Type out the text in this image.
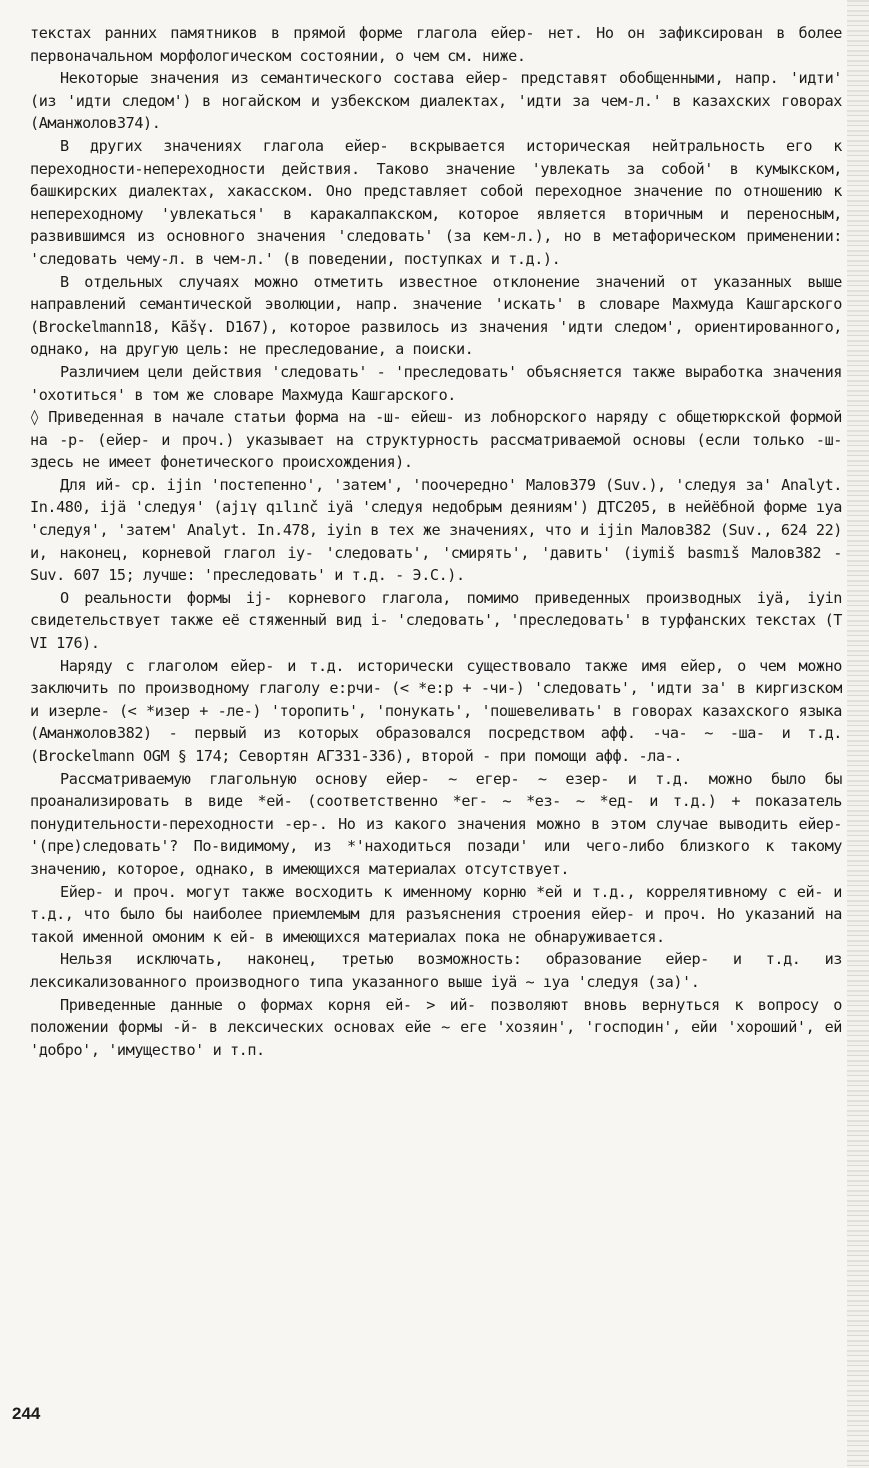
текстах ранних памятников в прямой форме глагола ейер- нет. Но он зафиксирован в более первоначальном морфологическом состоянии, о чем см. ниже.

Некоторые значения из семантического состава ейер- представят обобщенными, напр. 'идти' (из 'идти следом') в ногайском и узбекском диалектах, 'идти за чем-л.' в казахских говорах (Аманжолов374).

В других значениях глагола ейер- вскрывается историческая нейтральность его к переходности-непереходности действия. Таково значение 'увлекать за собой' в кумыкском, башкирских диалектах, хакасском. Оно представляет собой переходное значение по отношению к непереходному 'увлекаться' в каракалпакском, которое является вторичным и переносным, развившимся из основного значения 'следовать' (за кем-л.), но в метафорическом применении: 'следовать чему-л. в чем-л.' (в поведении, поступках и т.д.).

В отдельных случаях можно отметить известное отклонение значений от указанных выше направлений семантической эволюции, напр. значение 'искать' в словаре Махмуда Кашгарского (Brockelmann18, Kāšγ. D167), которое развилось из значения 'идти следом', ориентированного, однако, на другую цель: не преследование, а поиски.

Различием цели действия 'следовать' - 'преследовать' объясняется также выработка значения 'охотиться' в том же словаре Махмуда Кашгарского.

◊ Приведенная в начале статьи форма на -ш- ейеш- из лобнорского наряду с общетюркской формой на -р- (ейер- и проч.) указывает на структурность рассматриваемой основы (если только -ш- здесь не имеет фонетического происхождения).

Для ий- ср. ijin 'постепенно', 'затем', 'поочередно' Малов379 (Suv.), 'следуя за' Analyt. In.480, ijä 'следуя' (ajıγ qılınč iyä 'следуя недобрым деяниям') ДТС205, в нейёбной форме ıya 'следуя', 'затем' Analyt. In.478, iyin в тех же значениях, что и ijin Малов382 (Suv., 624 22) и, наконец, корневой глагол iy- 'следовать', 'смирять', 'давить' (iymiš basmıš Малов382 - Suv. 607 15; лучше: 'преследовать' и т.д. - Э.С.).

О реальности формы ij- корневого глагола, помимо приведенных производных iyä, iyin свидетельствует также её стяженный вид i- 'следовать', 'преследовать' в турфанских текстах (T VI 176).

Наряду с глаголом ейер- и т.д. исторически существовало также имя ейер, о чем можно заключить по производному глаголу е:рчи- (< *е:р + -чи-) 'следовать', 'идти за' в киргизском и изерле- (< *изер + -ле-) 'торопить', 'понукать', 'пошевеливать' в говорах казахского языка (Аманжолов382) - первый из которых образовался посредством афф. -ча- ~ -ша- и т.д. (Brockelmann OGM § 174; Севортян АГ331-336), второй - при помощи афф. -ла-.

Рассматриваемую глагольную основу ейер- ~ егер- ~ езер- и т.д. можно было бы проанализировать в виде *ей- (соответственно *ег- ~ *ез- ~ *ед- и т.д.) + показатель понудительности-переходности -ер-. Но из какого значения можно в этом случае выводить ейер- '(пре)следовать'? По-видимому, из *'находиться позади' или чего-либо близкого к такому значению, которое, однако, в имеющихся материалах отсутствует.

Ейер- и проч. могут также восходить к именному корню *ей и т.д., коррелятивному с ей- и т.д., что было бы наиболее приемлемым для разъяснения строения ейер- и проч. Но указаний на такой именной омоним к ей- в имеющихся материалах пока не обнаруживается.

Нельзя исключать, наконец, третью возможность: образование ейер- и т.д. из лексикализованного производного типа указанного выше iyä ~ ıya 'следуя (за)'.

Приведенные данные о формах корня ей- > ий- позволяют вновь вернуться к вопросу о положении формы -й- в лексических основах ейе ~ еге 'хозяин', 'господин', ейи 'хороший', ей 'добро', 'имущество' и т.п.

244
